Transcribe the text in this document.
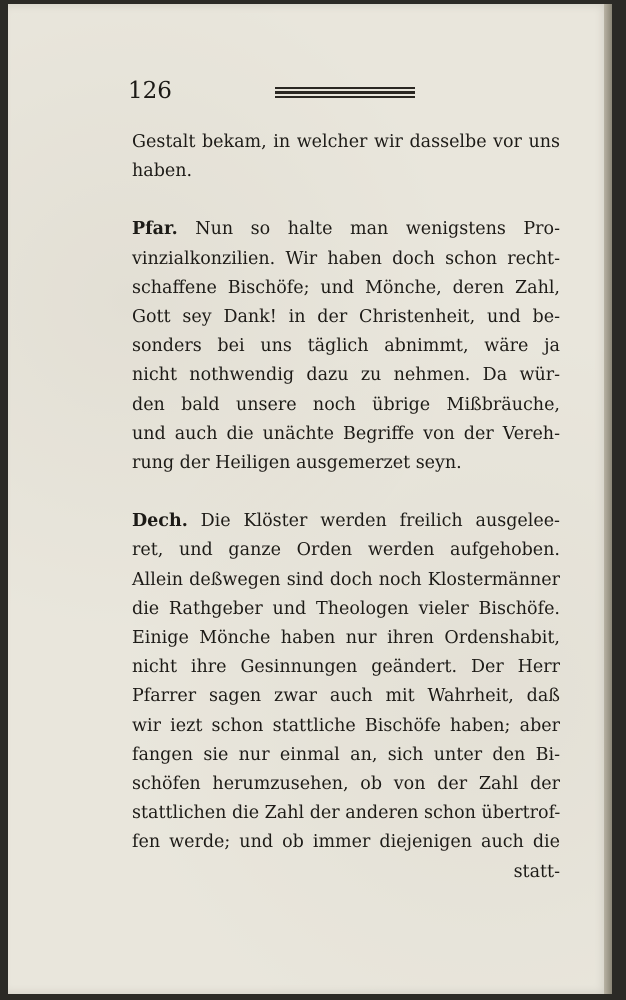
126
Gestalt bekam, in welcher wir dasselbe vor uns
haben.
Pfar. Nun so halte man wenigstens Pro-
vinzialkonzilien. Wir haben doch schon recht-
schaffene Bischöfe; und Mönche, deren Zahl,
Gott sey Dank! in der Christenheit, und be-
sonders bei uns täglich abnimmt, wäre ja
nicht nothwendig dazu zu nehmen. Da wür-
den bald unsere noch übrige Mißbräuche,
und auch die unächte Begriffe von der Vereh-
rung der Heiligen ausgemerzet seyn.
Dech. Die Klöster werden freilich ausgelee-
ret, und ganze Orden werden aufgehoben.
Allein deßwegen sind doch noch Klostermänner
die Rathgeber und Theologen vieler Bischöfe.
Einige Mönche haben nur ihren Ordenshabit,
nicht ihre Gesinnungen geändert. Der Herr
Pfarrer sagen zwar auch mit Wahrheit, daß
wir iezt schon stattliche Bischöfe haben; aber
fangen sie nur einmal an, sich unter den Bi-
schöfen herumzusehen, ob von der Zahl der
stattlichen die Zahl der anderen schon übertrof-
fen werde; und ob immer diejenigen auch die
statt-
